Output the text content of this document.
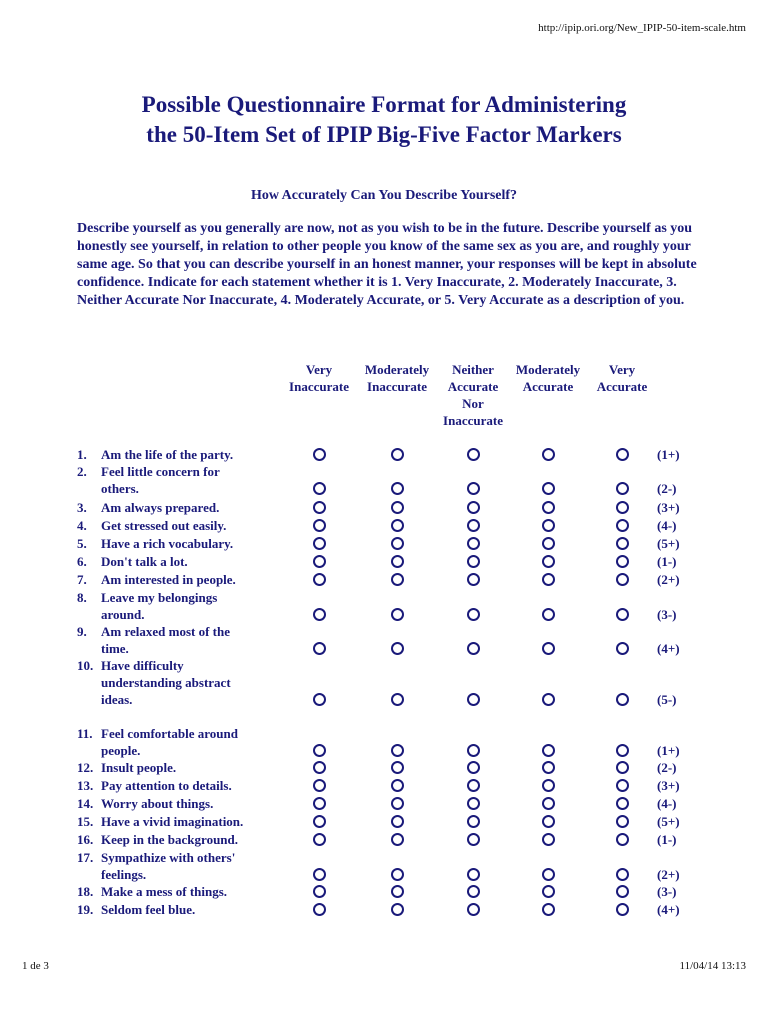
http://ipip.ori.org/New_IPIP-50-item-scale.htm
Possible Questionnaire Format for Administering
the 50-Item Set of IPIP Big-Five Factor Markers
How Accurately Can You Describe Yourself?
Describe yourself as you generally are now, not as you wish to be in the future. Describe yourself as you honestly see yourself, in relation to other people you know of the same sex as you are, and roughly your same age. So that you can describe yourself in an honest manner, your responses will be kept in absolute confidence. Indicate for each statement whether it is 1. Very Inaccurate, 2. Moderately Inaccurate, 3. Neither Accurate Nor Inaccurate, 4. Moderately Accurate, or 5. Very Accurate as a description of you.
Very
Inaccurate
Moderately
Inaccurate
Neither
Accurate
Nor
Inaccurate
Moderately
Accurate
Very
Accurate
1.	Am the life of the party.	(1+)
2.	Feel little concern for
others.	(2-)
3.	Am always prepared.	(3+)
4.	Get stressed out easily.	(4-)
5.	Have a rich vocabulary.	(5+)
6.	Don't talk a lot.	(1-)
7.	Am interested in people.	(2+)
8.	Leave my belongings
around.	(3-)
9.	Am relaxed most of the
time.	(4+)
10. Have difficulty
understanding abstract
ideas.	(5-)
11. Feel comfortable around
people.	(1+)
12. Insult people.	(2-)
13. Pay attention to details.	(3+)
14. Worry about things.	(4-)
15. Have a vivid imagination.	(5+)
16. Keep in the background.	(1-)
17. Sympathize with others'
feelings.	(2+)
18. Make a mess of things.	(3-)
19. Seldom feel blue.	(4+)
1 de 3	11/04/14 13:13
